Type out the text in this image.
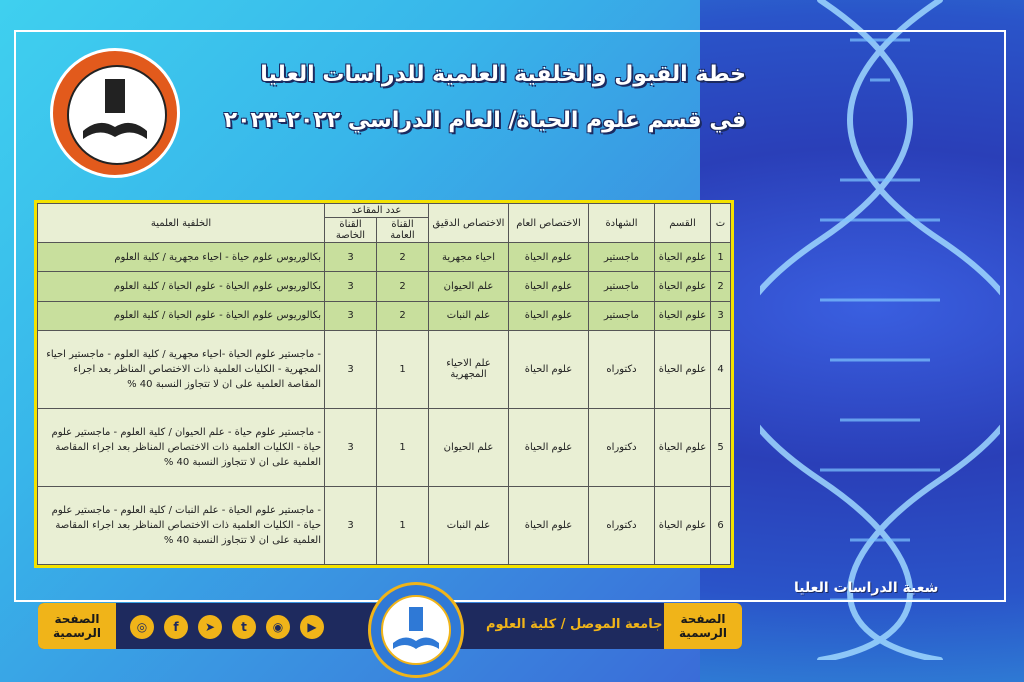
خطة القبول والخلفية العلمية للدراسات العليا
في قسم علوم الحياة/ العام الدراسي ٢٠٢٢-٢٠٢٣
ت	القسم	الشهادة	الاختصاص العام	الاختصاص الدقيق	عدد المقاعد		الخلفية العلمية
					القناة العامة	القناة الخاصة	
1	علوم الحياة	ماجستير	علوم الحياة	احياء مجهرية	2	3	بكالوريوس علوم حياة - احياء مجهرية / كلية العلوم
2	علوم الحياة	ماجستير	علوم الحياة	علم الحيوان	2	3	بكالوريوس علوم الحياة - علوم الحياة / كلية العلوم
3	علوم الحياة	ماجستير	علوم الحياة	علم النبات	2	3	بكالوريوس علوم الحياة - علوم الحياة / كلية العلوم
4	علوم الحياة	دكتوراه	علوم الحياة	علم الاحياء المجهرية	1	3	- ماجستير علوم الحياة -احياء مجهرية / كلية العلوم - ماجستير احياء المجهرية - الكليات العلمية ذات الاختصاص المناظر بعد اجراء المقاصة العلمية على ان لا تتجاوز النسبة 40 %
5	علوم الحياة	دكتوراه	علوم الحياة	علم الحيوان	1	3	- ماجستير علوم حياة - علم الحيوان / كلية العلوم - ماجستير علوم حياة - الكليات العلمية ذات الاختصاص المناظر بعد اجراء المقاصة العلمية على ان لا تتجاوز النسبة 40 %
6	علوم الحياة	دكتوراه	علوم الحياة	علم النبات	1	3	- ماجستير علوم الحياة - علم النبات / كلية العلوم - ماجستير علوم حياة - الكليات العلمية ذات الاختصاص المناظر بعد اجراء المقاصة العلمية على ان لا تتجاوز النسبة 40 %
شعبة الدراسات العليا
الصفحة الرسمية	◎	f	➤	t	◉	▶	جامعة الموصل / كلية العلوم	الصفحة الرسمية
